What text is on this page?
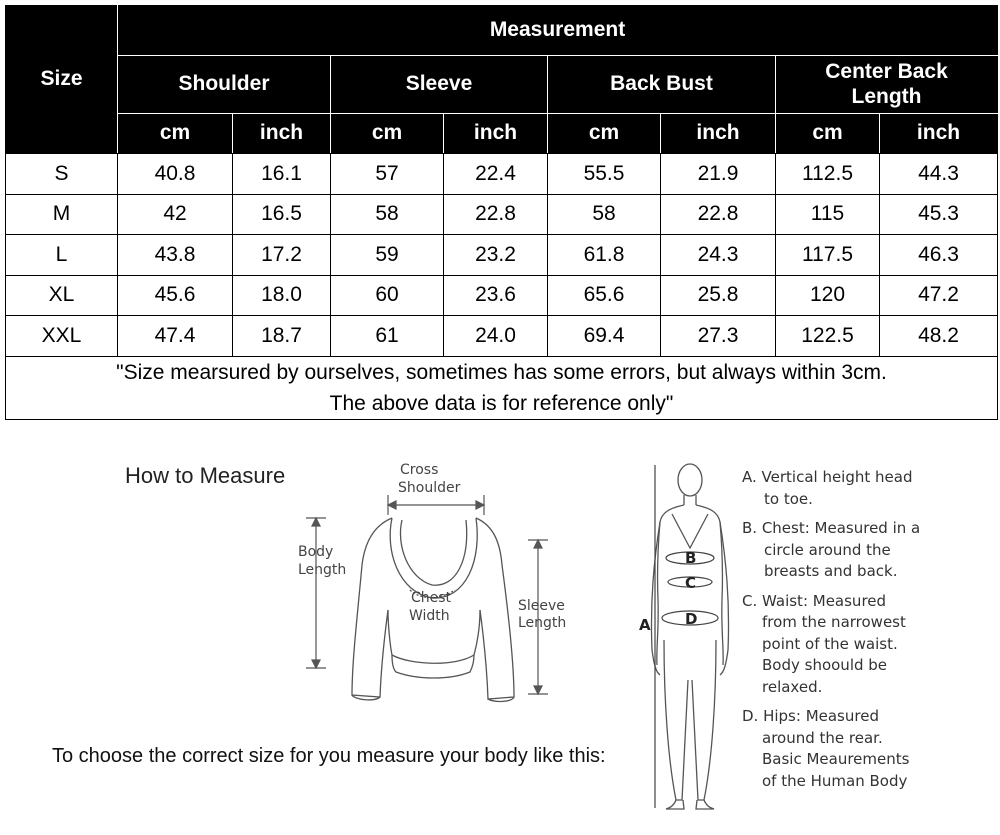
Size	Measurement							
	Shoulder		Sleeve		Back Bust		Center Back Length	
	cm	inch	cm	inch	cm	inch	cm	inch
S	40.8	16.1	57	22.4	55.5	21.9	112.5	44.3
M	42	16.5	58	22.8	58	22.8	115	45.3
L	43.8	17.2	59	23.2	61.8	24.3	117.5	46.3
XL	45.6	18.0	60	23.6	65.6	25.8	120	47.2
XXL	47.4	18.7	61	24.0	69.4	27.3	122.5	48.2

"Size mearsured by ourselves, sometimes has some errors, but always within 3cm.
The above data is for reference only"								
How to Measure
To choose the correct size for you measure your body like this:
Cross
Shoulder
Body
Length
Chest
Width
Sleeve
Length
B
C
A D
A. Vertical height head
to toe.
B. Chest: Measured in a
circle around the
breasts and back.
C. Waist: Measured
from the narrowest
point of the waist.
Body shoould be
relaxed.
D. Hips: Measured
around the rear.
Basic Meaurements
of the Human Body
